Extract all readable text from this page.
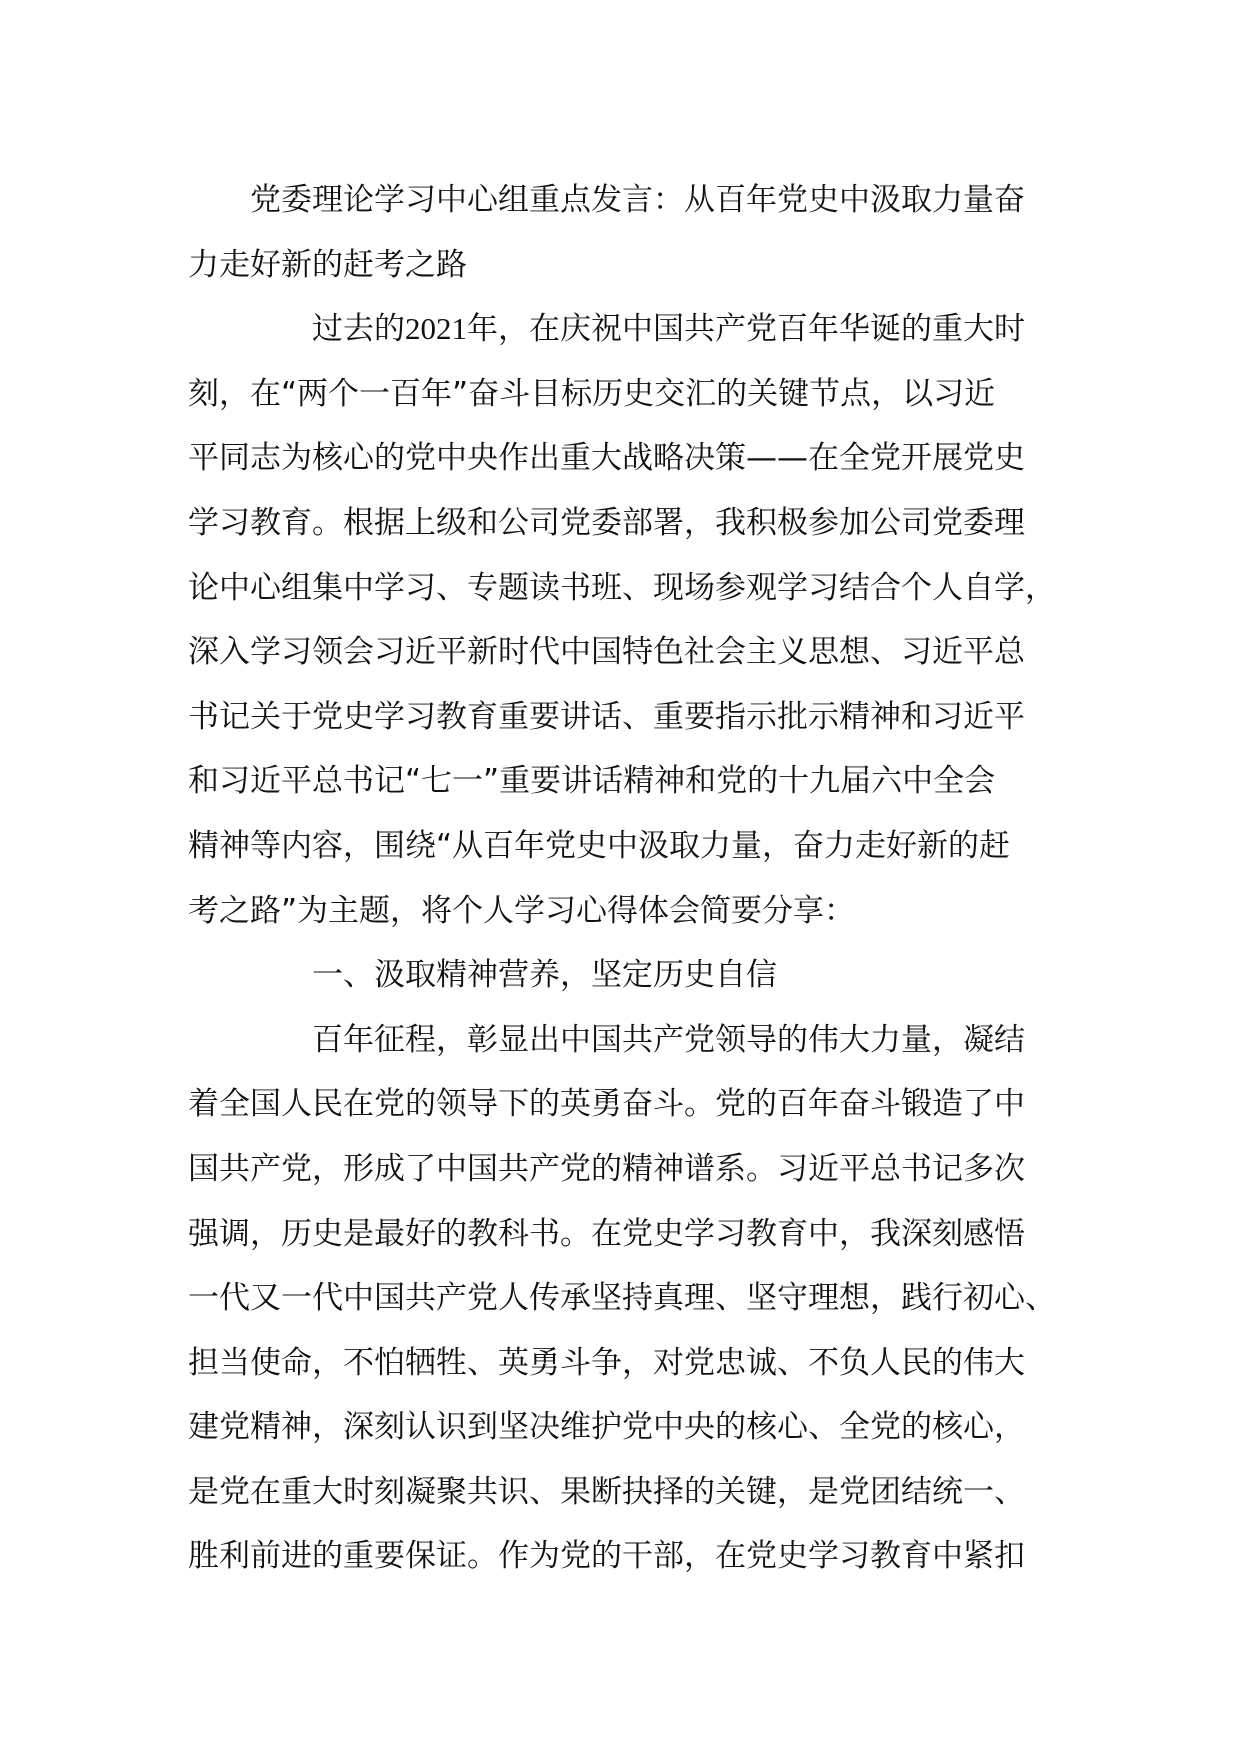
党委理论学习中心组重点发言：从百年党史中汲取力量奋
力走好新的赶考之路
过去的2021年，在庆祝中国共产党百年华诞的重大时
刻，在“两个一百年”奋斗目标历史交汇的关键节点，以习近
平同志为核心的党中央作出重大战略决策——在全党开展党史
学习教育。根据上级和公司党委部署，我积极参加公司党委理
论中心组集中学习、专题读书班、现场参观学习结合个人自学，
深入学习领会习近平新时代中国特色社会主义思想、习近平总
书记关于党史学习教育重要讲话、重要指示批示精神和习近平
和习近平总书记“七一”重要讲话精神和党的十九届六中全会
精神等内容，围绕“从百年党史中汲取力量，奋力走好新的赶
考之路”为主题，将个人学习心得体会简要分享：
一、汲取精神营养，坚定历史自信
百年征程，彰显出中国共产党领导的伟大力量，凝结
着全国人民在党的领导下的英勇奋斗。党的百年奋斗锻造了中
国共产党，形成了中国共产党的精神谱系。习近平总书记多次
强调，历史是最好的教科书。在党史学习教育中，我深刻感悟
一代又一代中国共产党人传承坚持真理、坚守理想，践行初心、
担当使命，不怕牺牲、英勇斗争，对党忠诚、不负人民的伟大
建党精神，深刻认识到坚决维护党中央的核心、全党的核心，
是党在重大时刻凝聚共识、果断抉择的关键，是党团结统一、
胜利前进的重要保证。作为党的干部，在党史学习教育中紧扣
